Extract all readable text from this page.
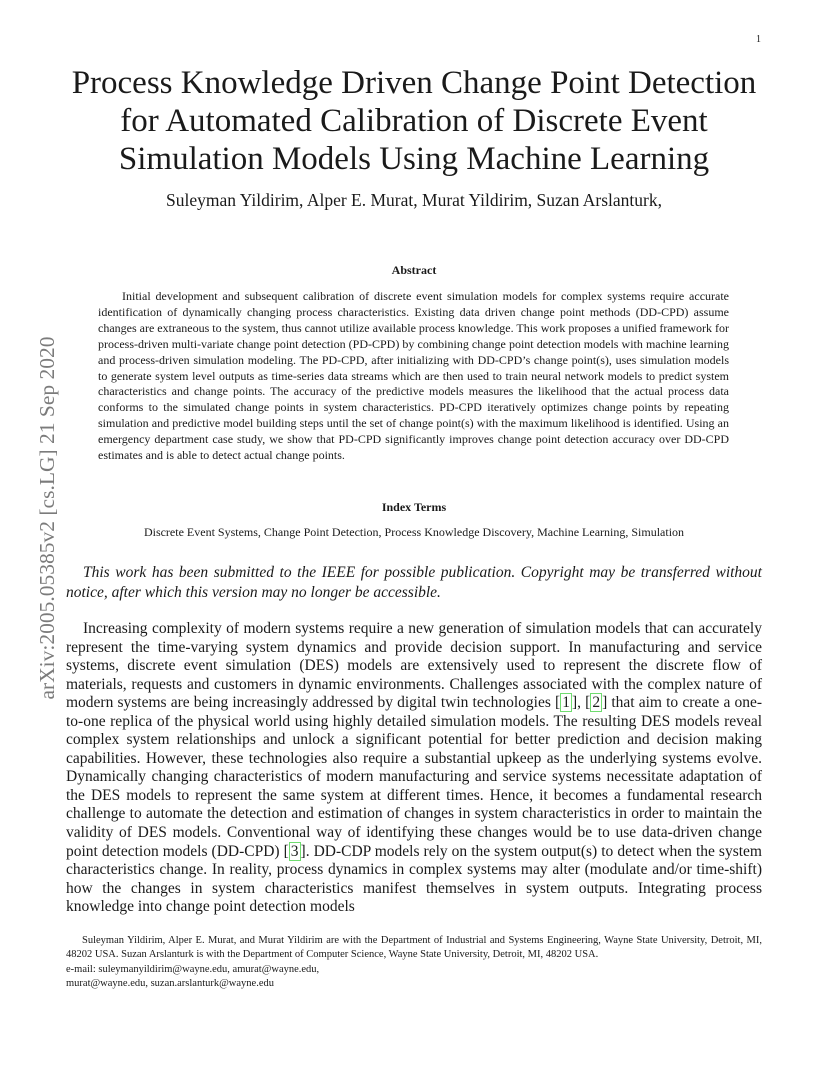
1
arXiv:2005.05385v2 [cs.LG] 21 Sep 2020
Process Knowledge Driven Change Point Detection for Automated Calibration of Discrete Event Simulation Models Using Machine Learning
Suleyman Yildirim, Alper E. Murat, Murat Yildirim, Suzan Arslanturk,
Abstract

Initial development and subsequent calibration of discrete event simulation models for complex systems require accurate identification of dynamically changing process characteristics. Existing data driven change point methods (DD-CPD) assume changes are extraneous to the system, thus cannot utilize available process knowledge. This work proposes a unified framework for process-driven multi-variate change point detection (PD-CPD) by combining change point detection models with machine learning and process-driven simulation modeling. The PD-CPD, after initializing with DD-CPD’s change point(s), uses simulation models to generate system level outputs as time-series data streams which are then used to train neural network models to predict system characteristics and change points. The accuracy of the predictive models measures the likelihood that the actual process data conforms to the simulated change points in system characteristics. PD-CPD iteratively optimizes change points by repeating simulation and predictive model building steps until the set of change point(s) with the maximum likelihood is identified. Using an emergency department case study, we show that PD-CPD significantly improves change point detection accuracy over DD-CPD estimates and is able to detect actual change points.

Index Terms
Discrete Event Systems, Change Point Detection, Process Knowledge Discovery, Machine Learning, Simulation

This work has been submitted to the IEEE for possible publication. Copyright may be transferred without notice, after which this version may no longer be accessible.

Increasing complexity of modern systems require a new generation of simulation models that can accurately represent the time-varying system dynamics and provide decision support. In manufacturing and service systems, discrete event simulation (DES) models are extensively used to represent the discrete flow of materials, requests and customers in dynamic environments. Challenges associated with the complex nature of modern systems are being increasingly addressed by digital twin technologies [ 1 ], [ 2 ] that aim to create a one-to-one replica of the physical world using highly detailed simulation models. The resulting DES models reveal complex system relationships and unlock a significant potential for better prediction and decision making capabilities. However, these technologies also require a substantial upkeep as the underlying systems evolve. Dynamically changing characteristics of modern manufacturing and service systems necessitate adaptation of the DES models to represent the same system at different times. Hence, it becomes a fundamental research challenge to automate the detection and estimation of changes in system characteristics in order to maintain the validity of DES models. Conventional way of identifying these changes would be to use data-driven change point detection models (DD-CPD) [ 3 ]. DD-CDP models rely on the system output(s) to detect when the system characteristics change. In reality, process dynamics in complex systems may alter (modulate and/or time-shift) how the changes in system characteristics manifest themselves in system outputs. Integrating process knowledge into change point detection models

Suleyman Yildirim, Alper E. Murat, and Murat Yildirim are with the Department of Industrial and Systems Engineering, Wayne State University, Detroit, MI, 48202 USA. Suzan Arslanturk is with the Department of Computer Science, Wayne State University, Detroit, MI, 48202 USA.

e-mail: suleymanyildirim@wayne.edu, amurat@wayne.edu,

murat@wayne.edu, suzan.arslanturk@wayne.edu
